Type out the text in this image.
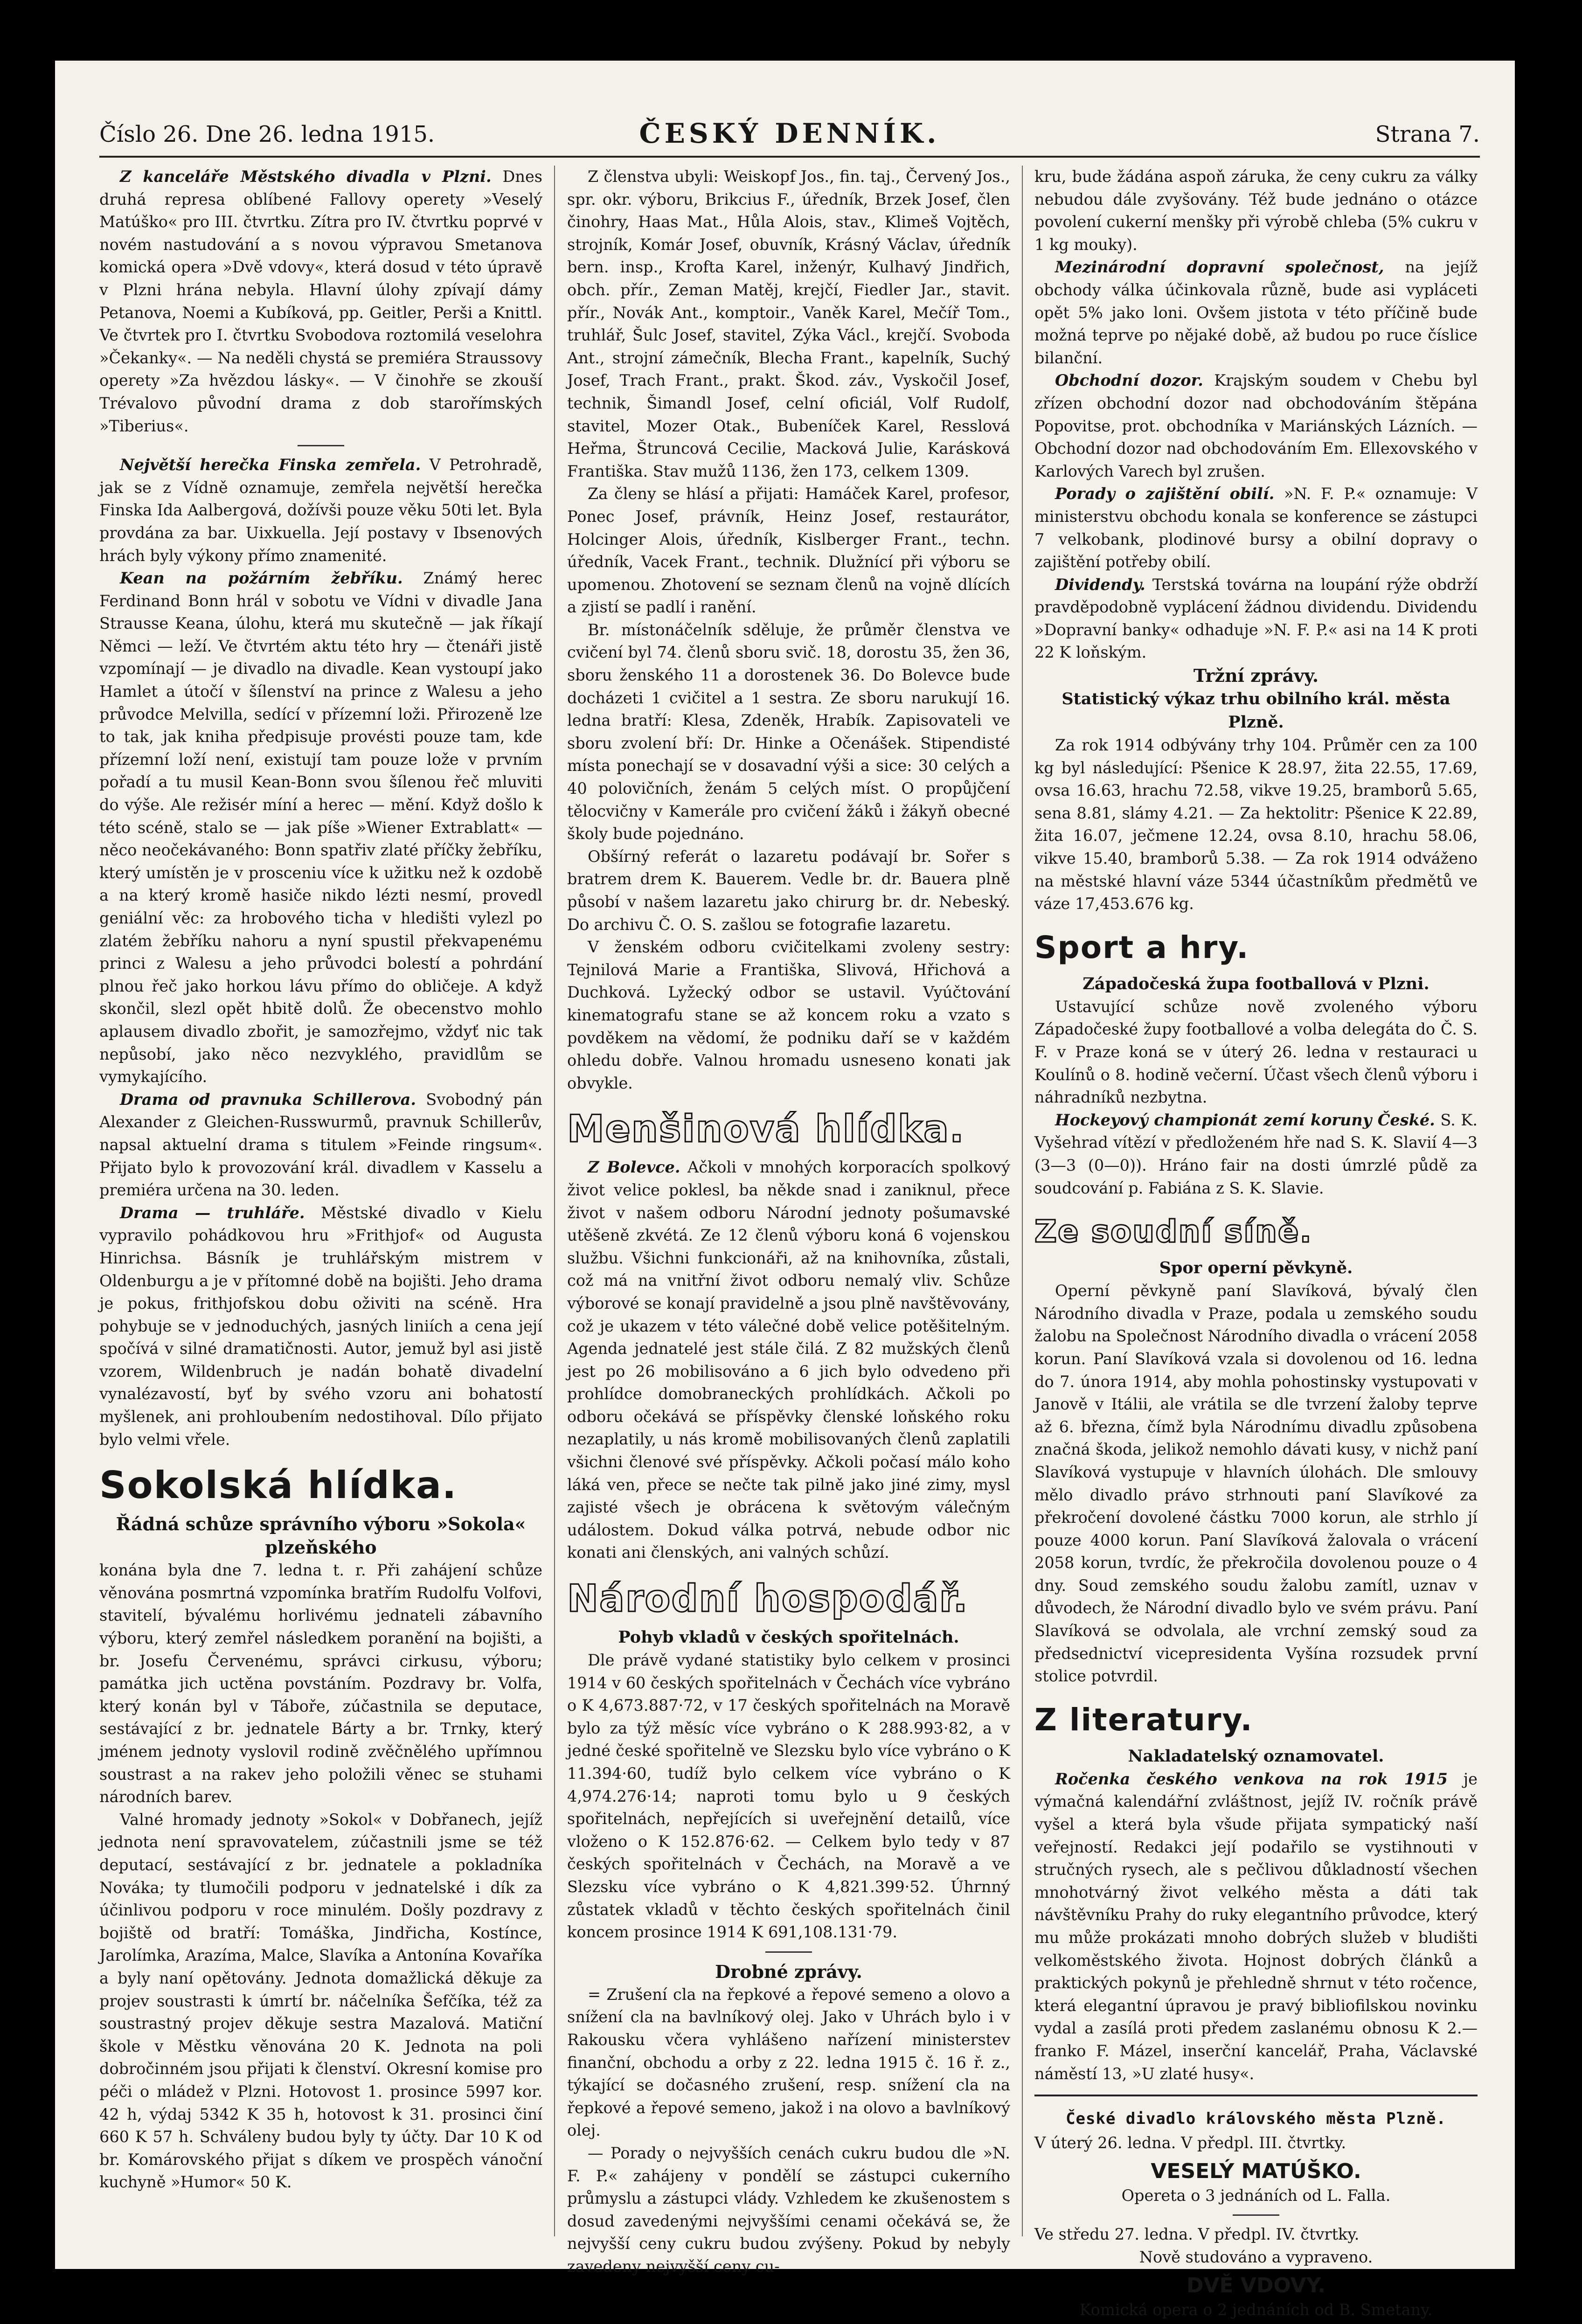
Číslo 26. Dne 26. ledna 1915.	ČESKÝ DENNÍK.	Strana 7.

Z kanceláře Městského divadla v Plzni. Dnes druhá represa oblíbené Fallovy operety »Veselý Matúško« pro III. čtvrtku. Zítra pro IV. čtvrtku poprvé v novém nastudování a s novou výpravou Smetanova komická opera »Dvě vdovy«, která dosud v této úpravě v Plzni hrána nebyla. Hlavní úlohy zpívají dámy Petanova, Noemi a Kubíková, pp. Geitler, Perši a Knittl. Ve čtvrtek pro I. čtvrtku Svobodova roztomilá veselohra »Čekanky«. — Na neděli chystá se premiéra Straussovy operety »Za hvězdou lásky«. — V činohře se zkouší Trévalovo původní drama z dob starořímských »Tiberius«.

Největší herečka Finska zemřela. V Petrohradě, jak se z Vídně oznamuje, zemřela největší herečka Finska Ida Aalbergová, dožívši pouze věku 50ti let. Byla provdána za bar. Uixkuella. Její postavy v Ibsenových hrách byly výkony přímo znamenité.

Kean na požárním žebříku. Známý herec Ferdinand Bonn hrál v sobotu ve Vídni v divadle Jana Strausse Keana, úlohu, která mu skutečně — jak říkají Němci — leží. Ve čtvrtém aktu této hry — čtenáři jistě vzpomínají — je divadlo na divadle. Kean vystoupí jako Hamlet a útočí v šílenství na prince z Walesu a jeho průvodce Melvilla, sedící v přízemní loži. Přirozeně lze to tak, jak kniha předpisuje provésti pouze tam, kde přízemní loží není, existují tam pouze lože v prvním pořadí a tu musil Kean-Bonn svou šílenou řeč mluviti do výše. Ale režisér míní a herec — mění. Když došlo k této scéně, stalo se — jak píše »Wiener Extrablatt« — něco neočekávaného: Bonn spatřiv zlaté příčky žebříku, který umístěn je v prosceniu více k užitku než k ozdobě a na který kromě hasiče nikdo lézti nesmí, provedl geniální věc: za hrobového ticha v hledišti vylezl po zlatém žebříku nahoru a nyní spustil překvapenému princi z Walesu a jeho průvodci bolestí a pohrdání plnou řeč jako horkou lávu přímo do obličeje. A když skončil, slezl opět hbitě dolů. Že obecenstvo mohlo aplausem divadlo zbořit, je samozřejmo, vždyť nic tak nepůsobí, jako něco nezvyklého, pravidlům se vymykajícího.

Drama od pravnuka Schillerova. Svobodný pán Alexander z Gleichen-Russwurmů, pravnuk Schillerův, napsal aktuelní drama s titulem »Feinde ringsum«. Přijato bylo k provozování král. divadlem v Kasselu a premiéra určena na 30. leden.

Drama — truhláře. Městské divadlo v Kielu vypravilo pohádkovou hru »Frithjof« od Augusta Hinrichsa. Básník je truhlářským mistrem v Oldenburgu a je v přítomné době na bojišti. Jeho drama je pokus, frithjofskou dobu oživiti na scéně. Hra pohybuje se v jednoduchých, jasných liniích a cena její spočívá v silné dramatičnosti. Autor, jemuž byl asi jistě vzorem, Wildenbruch je nadán bohatě divadelní vynalézavostí, byť by svého vzoru ani bohatostí myšlenek, ani prohloubením nedostihoval. Dílo přijato bylo velmi vřele.

Sokolská hlídka.
Řádná schůze správního výboru »Sokola« plzeňského

konána byla dne 7. ledna t. r. Při zahájení schůze věnována posmrtná vzpomínka bratřím Rudolfu Volfovi, stavitelí, bývalému horlivému jednateli zábavního výboru, který zemřel následkem poranění na bojišti, a br. Josefu Červenému, správci cirkusu, výboru; památka jich uctěna povstáním. Pozdravy br. Volfa, který konán byl v Táboře, zúčastnila se deputace, sestávající z br. jednatele Bárty a br. Trnky, který jménem jednoty vyslovil rodině zvěčnělého upřímnou soustrast a na rakev jeho položili věnec se stuhami národních barev.

Valné hromady jednoty »Sokol« v Dobřanech, jejíž jednota není spravovatelem, zúčastnili jsme se též deputací, sestávající z br. jednatele a pokladníka Nováka; ty tlumočili podporu v jednatelské i dík za účinlivou podporu v roce minulém. Došly pozdravy z bojiště od bratří: Tomáška, Jindřicha, Kostínce, Jarolímka, Arazíma, Malce, Slavíka a Antonína Kovaříka a byly naní opětovány. Jednota domažlická děkuje za projev soustrasti k úmrtí br. náčelníka Šefčíka, též za soustrastný projev děkuje sestra Mazalová. Matiční škole v Městku věnována 20 K. Jednota na poli dobročinném jsou přijati k členství. Okresní komise pro péči o mládež v Plzni. Hotovost 1. prosince 5997 kor. 42 h, výdaj 5342 K 35 h, hotovost k 31. prosinci činí 660 K 57 h. Schváleny budou byly ty účty. Dar 10 K od br. Komárovského přijat s díkem ve prospěch vánoční kuchyně »Humor« 50 K.

Z členstva ubyli: Weiskopf Jos., fin. taj., Červený Jos., spr. okr. výboru, Brikcius F., úředník, Brzek Josef, člen činohry, Haas Mat., Hůla Alois, stav., Klimeš Vojtěch, strojník, Komár Josef, obuvník, Krásný Václav, úředník bern. insp., Krofta Karel, inženýr, Kulhavý Jindřich, obch. přír., Zeman Matěj, krejčí, Fiedler Jar., stavit. přír., Novák Ant., komptoir., Vaněk Karel, Mečíř Tom., truhlář, Šulc Josef, stavitel, Zýka Václ., krejčí. Svoboda Ant., strojní zámečník, Blecha Frant., kapelník, Suchý Josef, Trach Frant., prakt. Škod. záv., Vyskočil Josef, technik, Šimandl Josef, celní oficiál, Volf Rudolf, stavitel, Mozer Otak., Bubeníček Karel, Resslová Heřma, Štruncová Cecilie, Macková Julie, Karásková Františka. Stav mužů 1136, žen 173, celkem 1309.

Za členy se hlásí a přijati: Hamáček Karel, profesor, Ponec Josef, právník, Heinz Josef, restaurátor, Holcinger Alois, úředník, Kislberger Frant., techn. úředník, Vacek Frant., technik. Dlužnící při výboru se upomenou. Zhotovení se seznam členů na vojně dlících a zjistí se padlí i ranění.

Br. místonáčelník sděluje, že průměr členstva ve cvičení byl 74. členů sboru svič. 18, dorostu 35, žen 36, sboru ženského 11 a dorostenek 36. Do Bolevce bude docházeti 1 cvičitel a 1 sestra. Ze sboru narukují 16. ledna bratří: Klesa, Zdeněk, Hrabík. Zapisovateli ve sboru zvolení bří: Dr. Hinke a Očenášek. Stipendisté místa ponechají se v dosavadní výši a sice: 30 celých a 40 polovičních, ženám 5 celých míst. O propůjčení tělocvičny v Kamerále pro cvičení žáků i žákyň obecné školy bude pojednáno.

Obšírný referát o lazaretu podávají br. Sořer s bratrem drem K. Bauerem. Vedle br. dr. Bauera plně působí v našem lazaretu jako chirurg br. dr. Nebeský. Do archivu Č. O. S. zašlou se fotografie lazaretu.

V ženském odboru cvičitelkami zvoleny sestry: Tejnilová Marie a Františka, Slivová, Hřichová a Duchková. Lyžecký odbor se ustavil. Vyúčtování kinematografu stane se až koncem roku a vzato s povděkem na vědomí, že podniku daří se v každém ohledu dobře. Valnou hromadu usneseno konati jak obvykle.

Menšinová hlídka.

Z Bolevce. Ačkoli v mnohých korporacích spolkový život velice poklesl, ba někde snad i zaniknul, přece život v našem odboru Národní jednoty pošumavské utěšeně zkvétá. Ze 12 členů výboru koná 6 vojenskou službu. Všichni funkcionáři, až na knihovníka, zůstali, což má na vnitřní život odboru nemalý vliv. Schůze výborové se konají pravidelně a jsou plně navštěvovány, což je ukazem v této válečné době velice potěšitelným. Agenda jednatelé jest stále čilá. Z 82 mužských členů jest po 26 mobilisováno a 6 jich bylo odvedeno při prohlídce domobraneckých prohlídkách. Ačkoli po odboru očekává se příspěvky členské loňského roku nezaplatily, u nás kromě mobilisovaných členů zaplatili všichni členové své příspěvky. Ačkoli počasí málo koho láká ven, přece se nečte tak pilně jako jiné zimy, mysl zajisté všech je obrácena k světovým válečným událostem. Dokud válka potrvá, nebude odbor nic konati ani členských, ani valných schůzí.

Národní hospodář.
Pohyb vkladů v českých spořitelnách.

Dle právě vydané statistiky bylo celkem v prosinci 1914 v 60 českých spořitelnách v Čechách více vybráno o K 4,673.887·72, v 17 českých spořitelnách na Moravě bylo za týž měsíc více vybráno o K 288.993·82, a v jedné české spořitelně ve Slezsku bylo více vybráno o K 11.394·60, tudíž bylo celkem více vybráno o K 4,974.276·14; naproti tomu bylo u 9 českých spořitelnách, nepřejících si uveřejnění detailů, více vloženo o K 152.876·62. — Celkem bylo tedy v 87 českých spořitelnách v Čechách, na Moravě a ve Slezsku více vybráno o K 4,821.399·52. Úhrnný zůstatek vkladů v těchto českých spořitelnách činil koncem prosince 1914 K 691,108.131·79.

Drobné zprávy.

= Zrušení cla na řepkové a řepové semeno a olovo a snížení cla na bavlníkový olej. Jako v Uhrách bylo i v Rakousku včera vyhlášeno nařízení ministerstev finanční, obchodu a orby z 22. ledna 1915 č. 16 ř. z., týkající se dočasného zrušení, resp. snížení cla na řepkové a řepové semeno, jakož i na olovo a bavlníkový olej.

— Porady o nejvyšších cenách cukru budou dle »N. F. P.« zahájeny v pondělí se zástupci cukerního průmyslu a zástupci vlády. Vzhledem ke zkušenostem s dosud zavedenými nejvyššími cenami očekává se, že nejvyšší ceny cukru budou zvýšeny. Pokud by nebyly zavedeny nejvyšší ceny cu-

kru, bude žádána aspoň záruka, že ceny cukru za války nebudou dále zvyšovány. Též bude jednáno o otázce povolení cukerní menšky při výrobě chleba (5% cukru v 1 kg mouky).

Mezinárodní dopravní společnost, na jejíž obchody válka účinkovala různě, bude asi vypláceti opět 5% jako loni. Ovšem jistota v této příčině bude možná teprve po nějaké době, až budou po ruce číslice bilanční.

Obchodní dozor. Krajským soudem v Chebu byl zřízen obchodní dozor nad obchodováním štěpána Popovitse, prot. obchodníka v Mariánských Lázních. — Obchodní dozor nad obchodováním Em. Ellexovského v Karlových Varech byl zrušen.

Porady o zajištění obilí. »N. F. P.« oznamuje: V ministerstvu obchodu konala se konference se zástupci 7 velkobank, plodinové bursy a obilní dopravy o zajištění potřeby obilí.

Dividendy. Terstská továrna na loupání rýže obdrží pravděpodobně vyplácení žádnou dividendu. Dividendu »Dopravní banky« odhaduje »N. F. P.« asi na 14 K proti 22 K loňským.

Tržní zprávy.
Statistický výkaz trhu obilního král. města Plzně.

Za rok 1914 odbývány trhy 104. Průměr cen za 100 kg byl následující: Pšenice K 28.97, žita 22.55, 17.69, ovsa 16.63, hrachu 72.58, vikve 19.25, bramborů 5.65, sena 8.81, slámy 4.21. — Za hektolitr: Pšenice K 22.89, žita 16.07, ječmene 12.24, ovsa 8.10, hrachu 58.06, vikve 15.40, bramborů 5.38. — Za rok 1914 odváženo na městské hlavní váze 5344 účastníkům předmětů ve váze 17,453.676 kg.

Sport a hry.
Západočeská župa footballová v Plzni.

Ustavující schůze nově zvoleného výboru Západočeské župy footballové a volba delegáta do Č. S. F. v Praze koná se v úterý 26. ledna v restauraci u Koulínů o 8. hodině večerní. Účast všech členů výboru i náhradníků nezbytna.

Hockeyový championát zemí koruny České. S. K. Vyšehrad vítězí v předloženém hře nad S. K. Slavií 4—3 (3—3 (0—0)). Hráno fair na dosti úmrzlé půdě za soudcování p. Fabiána z S. K. Slavie.

Ze soudní síně.
Spor operní pěvkyně.

Operní pěvkyně paní Slavíková, bývalý člen Národního divadla v Praze, podala u zemského soudu žalobu na Společnost Národního divadla o vrácení 2058 korun. Paní Slavíková vzala si dovolenou od 16. ledna do 7. února 1914, aby mohla pohostinsky vystupovati v Janově v Itálii, ale vrátila se dle tvrzení žaloby teprve až 6. března, čímž byla Národnímu divadlu způsobena značná škoda, jelikož nemohlo dávati kusy, v nichž paní Slavíková vystupuje v hlavních úlohách. Dle smlouvy mělo divadlo právo strhnouti paní Slavíkové za překročení dovolené částku 7000 korun, ale strhlo jí pouze 4000 korun. Paní Slavíková žalovala o vrácení 2058 korun, tvrdíc, že překročila dovolenou pouze o 4 dny. Soud zemského soudu žalobu zamítl, uznav v důvodech, že Národní divadlo bylo ve svém právu. Paní Slavíková se odvolala, ale vrchní zemský soud za předsednictví vicepresidenta Vyšína rozsudek první stolice potvrdil.

Z literatury.
Nakladatelský oznamovatel.

Ročenka českého venkova na rok 1915 je výmačná kalendářní zvláštnost, jejíž IV. ročník právě vyšel a která byla všude přijata sympatický naší veřejností. Redakci její podařilo se vystihnouti v stručných rysech, ale s pečlivou důkladností všechen mnohotvárný život velkého města a dáti tak návštěvníku Prahy do ruky elegantního průvodce, který mu může prokázati mnoho dobrých služeb v bludišti velkoměstského života. Hojnost dobrých článků a praktických pokynů je přehledně shrnut v této ročence, která elegantní úpravou je pravý bibliofilskou novinku vydal a zasílá proti předem zaslanému obnosu K 2.— franko F. Mázel, inserční kancelář, Praha, Václavské náměstí 13, »U zlaté husy«.

České divadlo královského města Plzně.

V úterý 26. ledna. V předpl. III. čtvrtky.

VESELÝ MATÚŠKO.

Opereta o 3 jednáních od L. Falla.

Ve středu 27. ledna. V předpl. IV. čtvrtky.

Nově studováno a vypraveno.

DVĚ VDOVY.

Komická opera o 2 jednáních od B. Smetany.
